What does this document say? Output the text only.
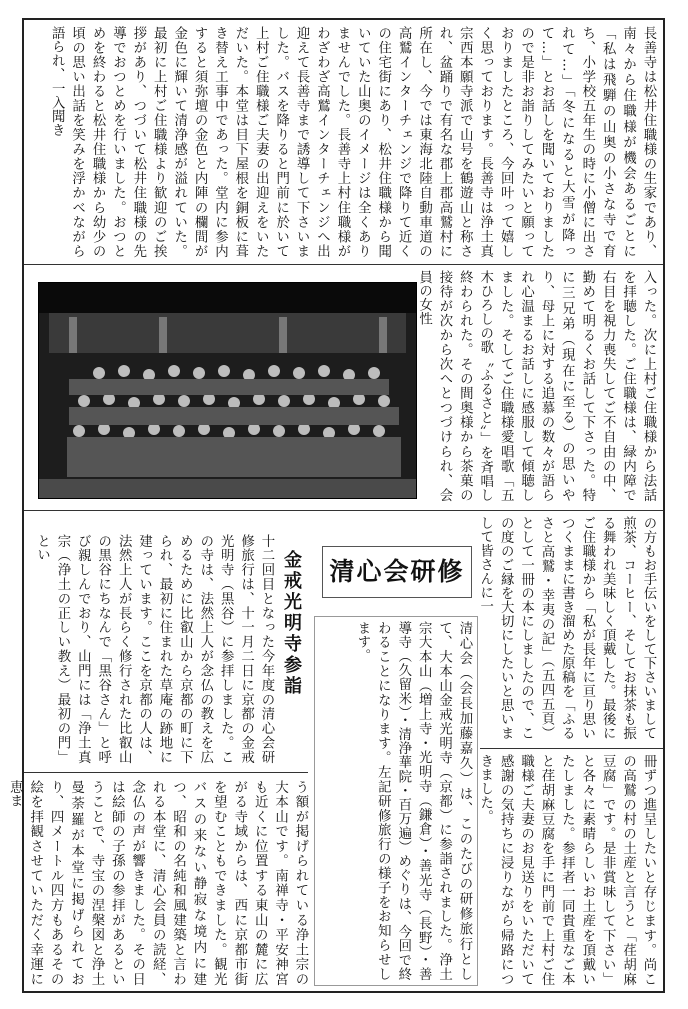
長善寺は松井住職様の生家であり、南々から住職様が機会あるごとに「私は飛騨の山奥の小さな寺で育ち、小学校五年生の時に小僧に出されて…」「冬になると大雪が降って…」とお話しを聞いておりましたので是非お詣りしてみたいと願っておりましたところ、今回叶って嬉しく思っております。長善寺は浄土真宗西本願寺派で山号を鶴遊山と称され、盆踊りで有名な郡上郡高鷲村に所在し、今では東海北陸自動車道の高鷲インターチェンジで降りて近くの住宅街にあり、松井住職様から聞いていた山奥のイメージは全くありませんでした。長善寺上村住職様がわざわざ高鷲インターチェンジへ出迎えて長善寺まで誘導して下さいました。バスを降りると門前に於いて上村ご住職様ご夫妻の出迎えをいただいた。本堂は目下屋根を銅板に葺き替え工事中であった。堂内に参内すると須弥壇の金色と内陣の欄間が金色に輝いて清浄感が溢れていた。最初に上村ご住職様より歓迎のご挨拶があり、つづいて松井住職様の先導でおつとめを行いました。おつとめを終わると松井住職様から幼少の頃の思い出話を笑みを浮かべながら語られ、一入聞き
入った。次に上村ご住職様から法話を拝聴した。ご住職様は、緑内障で右目を視力喪失してご不自由の中、勤めて明るくお話して下さった。特に三兄弟（現在に至る）の思いやり、母上に対する追慕の数々が語られ心温まるお話しに感服して傾聴しました。そしてご住職様愛唱歌「五木ひろしの歌〝ふるさと〟」を斉唱し終わられた。その間奥様から茶菓の接待が次から次へとつづけられ、会員の女性
の方もお手伝いをして下さいまして煎茶、コーヒー、そしてお抹茶も振る舞われ美味しく頂戴した。最後にご住職様から「私が長年に亘り思いつくままに書き溜めた原稿を「ふるさと高鷲・幸夷の記」（五四五頁）として一冊の本にしましたので、この度のご縁を大切にしたいと思いまして皆さんに一
清心会研修
清心会（会長加藤嘉久）は、このたびの研修旅行として、大本山金戒光明寺（京都）に参詣されました。浄土宗大本山（増上寺・光明寺（鎌倉）・善光寺（長野）・善導寺（久留米）・清浄華院・百万遍）めぐりは、今回で終わることになります。左記研修旅行の様子をお知らせします。
金戒光明寺参詣
十二回目となった今年度の清心会研修旅行は、十一月二日に京都の金戒光明寺（黒谷）に参拝しました。この寺は、法然上人が念仏の教えを広めるために比叡山から京都の町に下られ、最初に住まれた草庵の跡地に建っています。ここを京都の人は、法然上人が長らく修行された比叡山の黒谷にちなんで「黒谷さん」と呼び親しんでおり、山門には「浄土真宗（浄土の正しい教え）最初の門」とい
う額が掲げられている浄土宗の大本山です。南禅寺・平安神宮も近くに位置する東山の麓に広がる寺域からは、西に京都市街を望むこともできました。観光バスの来ない静寂な境内に建つ、昭和の名純和風建築と言われる本堂に、清心会員の読経、念仏の声が響きました。その日は絵師の子孫の参拝があるということで、寺宝の涅槃図と浄土曼荼羅が本堂に掲げられており、四メートル四方もあるその絵を拝観させていただく幸運に恵ま	冊ずつ進呈したいと存じます。尚この高鷲の村の土産と言うと「荏胡麻豆腐」です。是非賞味して下さい」と各々に素晴らしいお土産を頂戴いたしました。参拝者一同貴重なご本と荏胡麻豆腐を手に門前で上村ご住職様ご夫妻のお見送りをいただいて感謝の気持ちに浸りながら帰路につきました。
